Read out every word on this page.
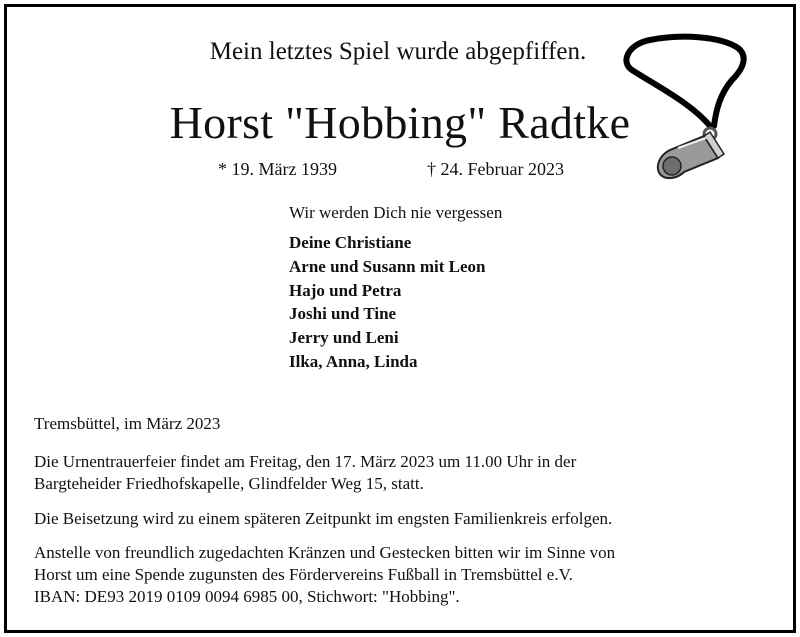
Mein letztes Spiel wurde abgepfiffen.
Horst "Hobbing" Radtke
* 19. März 1939	† 24. Februar 2023
Wir werden Dich nie vergessen
Deine Christiane
Arne und Susann mit Leon
Hajo und Petra
Joshi und Tine
Jerry und Leni
Ilka, Anna, Linda
Tremsbüttel, im März 2023
Die Urnentrauerfeier findet am Freitag, den 17. März 2023 um 11.00 Uhr in der
Bargteheider Friedhofskapelle, Glindfelder Weg 15, statt.
Die Beisetzung wird zu einem späteren Zeitpunkt im engsten Familienkreis erfolgen.
Anstelle von freundlich zugedachten Kränzen und Gestecken bitten wir im Sinne von
Horst um eine Spende zugunsten des Fördervereins Fußball in Tremsbüttel e.V.
IBAN: DE93 2019 0109 0094 6985 00, Stichwort: "Hobbing".
